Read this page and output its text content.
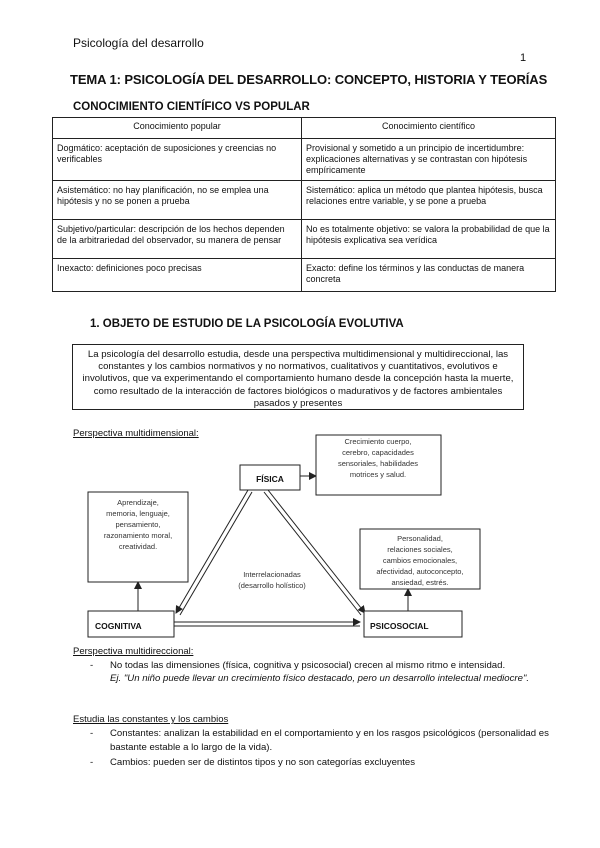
Psicología del desarrollo
1
TEMA 1: PSICOLOGÍA DEL DESARROLLO: CONCEPTO, HISTORIA Y TEORÍAS
CONOCIMIENTO CIENTÍFICO VS POPULAR
Conocimiento popular	Conocimiento científico
Dogmático: aceptación de suposiciones y creencias no verificables	Provisional y sometido a un principio de incertidumbre: explicaciones alternativas y se contrastan con hipótesis empíricamente
Asistemático: no hay planificación, no se emplea una hipótesis y no se ponen a prueba	Sistemático: aplica un método que plantea hipótesis, busca relaciones entre variable, y se pone a prueba
Subjetivo/particular: descripción de los hechos dependen de la arbitrariedad del observador, su manera de pensar	No es totalmente objetivo: se valora la probabilidad de que la hipótesis explicativa sea verídica
Inexacto: definiciones poco precisas	Exacto: define los términos y las conductas de manera concreta
1. OBJETO DE ESTUDIO DE LA PSICOLOGÍA EVOLUTIVA
La psicología del desarrollo estudia, desde una perspectiva multidimensional y multidireccional, las constantes y los cambios normativos y no normativos, cualitativos y cuantitativos, evolutivos e involutivos, que va experimentando el comportamiento humano desde la concepción hasta la muerte, como resultado de la interacción de factores biológicos o madurativos y de factores ambientales pasados y presentes
Perspectiva multidimensional:
FÍSICA
COGNITIVA	PSICOSOCIAL
Crecimiento cuerpo,
cerebro, capacidades
sensoriales, habilidades
motrices y salud.
Aprendizaje,
memoria, lenguaje,
pensamiento,
razonamiento moral,
creatividad.
Personalidad,
relaciones sociales,
cambios emocionales,
afectividad, autoconcepto,
ansiedad, estrés.
Interrelacionadas
(desarrollo holístico)
Perspectiva multidireccional:
- No todas las dimensiones (física, cognitiva y psicosocial) crecen al mismo ritmo e intensidad.
Ej. "Un niño puede llevar un crecimiento físico destacado, pero un desarrollo intelectual mediocre".
Estudia las constantes y los cambios
- Constantes: analizan la estabilidad en el comportamiento y en los rasgos psicológicos (personalidad es bastante estable a lo largo de la vida).
- Cambios: pueden ser de distintos tipos y no son categorías excluyentes
